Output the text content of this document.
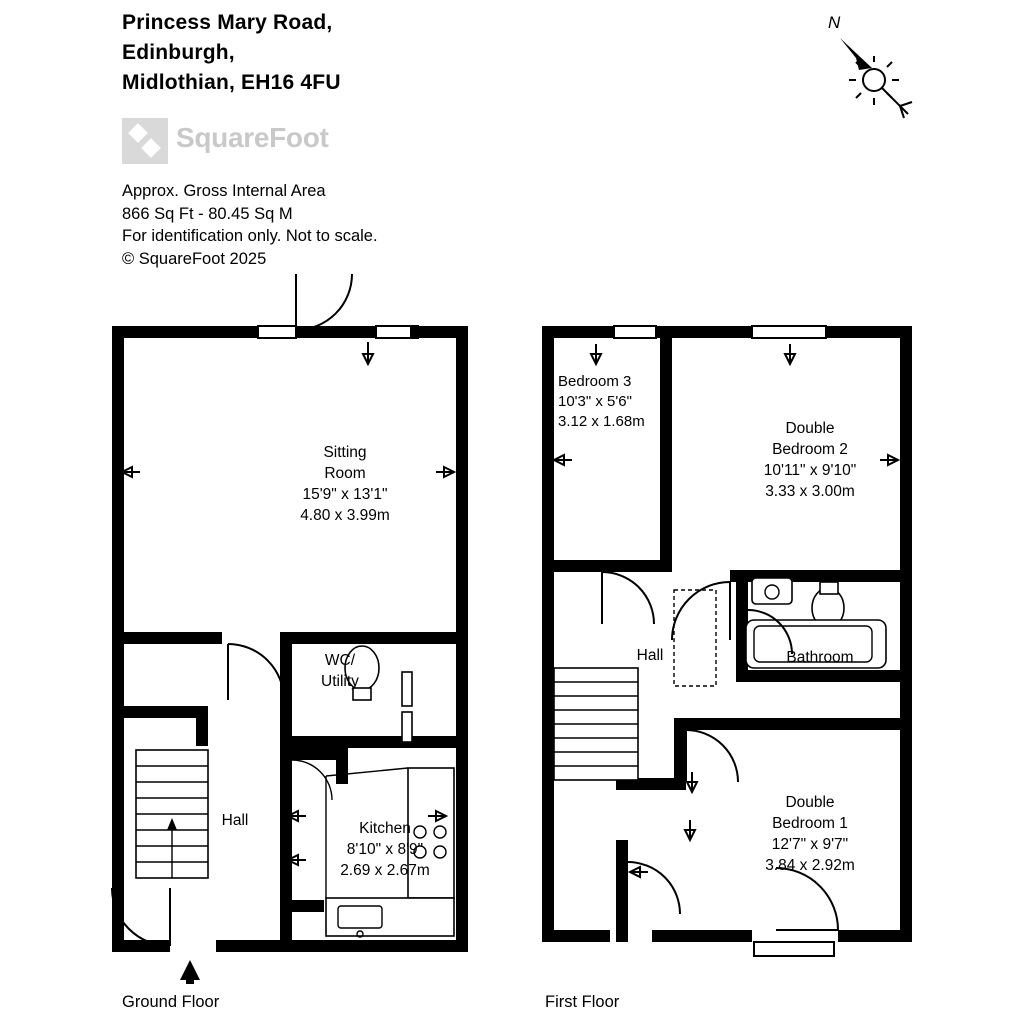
Princess Mary Road,
Edinburgh,
Midlothian, EH16 4FU
SquareFoot
Approx. Gross Internal Area
866 Sq Ft - 80.45 Sq M
For identification only. Not to scale.
© SquareFoot 2025
N
Sitting
Room
15'9" x 13'1"
4.80 x 3.99m
WC/
Utility
Hall	Kitchen
8'10" x 8'9"
2.69 x 2.67m
Bedroom 3
10'3" x 5'6"
3.12 x 1.68m	Double
Bedroom 2
10'11" x 9'10"
3.33 x 3.00m
Hall	Bathroom
Double
Bedroom 1
12'7" x 9'7"
3.84 x 2.92m
Ground Floor	First Floor
